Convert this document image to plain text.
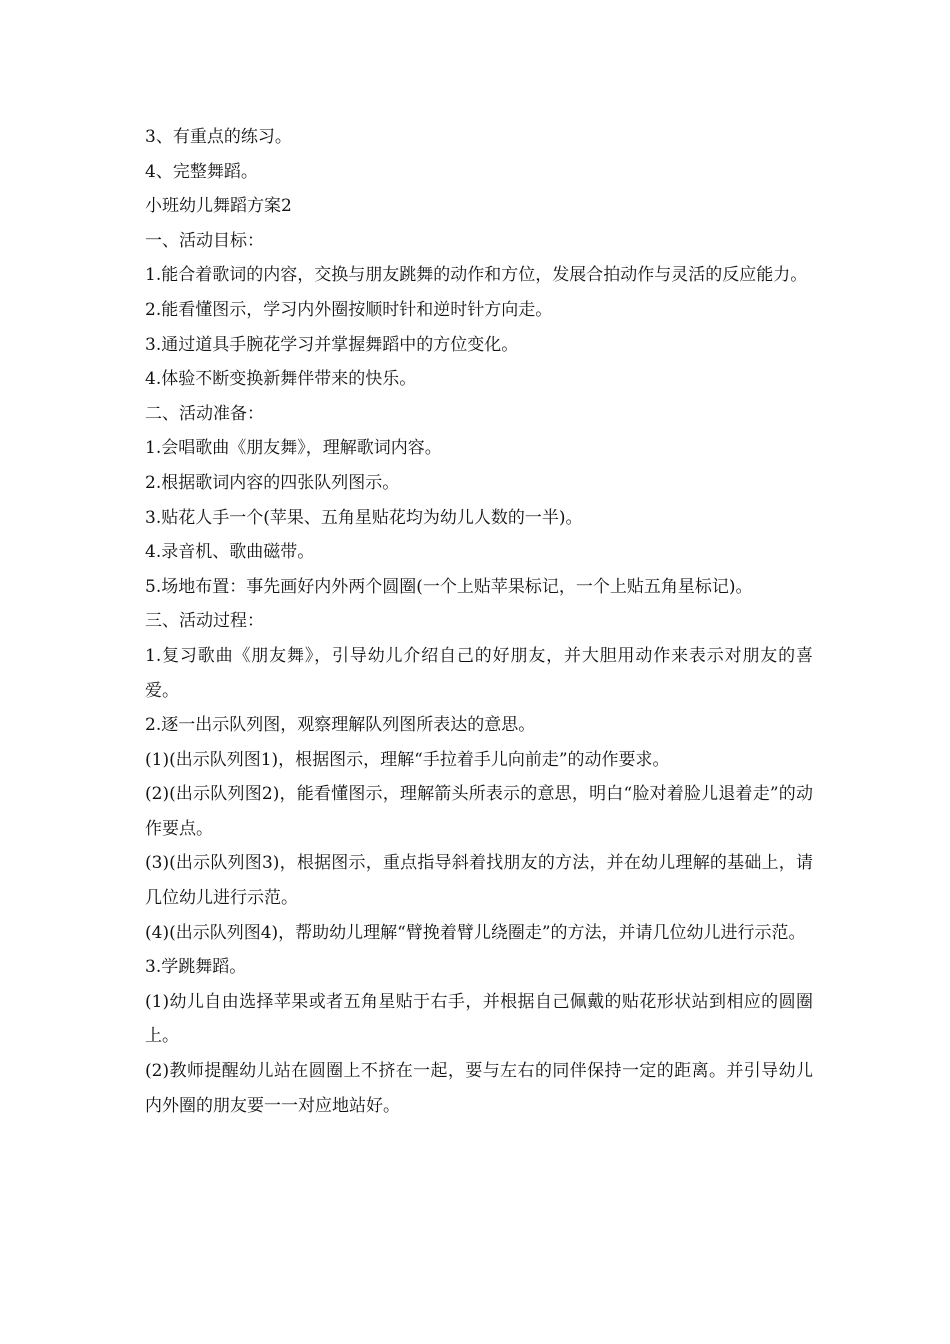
3、有重点的练习。

4、完整舞蹈。

小班幼儿舞蹈方案2

一、活动目标：

1.能合着歌词的内容，交换与朋友跳舞的动作和方位，发展合拍动作与灵活的反应能力。

2.能看懂图示，学习内外圈按顺时针和逆时针方向走。

3.通过道具手腕花学习并掌握舞蹈中的方位变化。

4.体验不断变换新舞伴带来的快乐。

二、活动准备：

1.会唱歌曲《朋友舞》，理解歌词内容。

2.根据歌词内容的四张队列图示。

3.贴花人手一个(苹果、五角星贴花均为幼儿人数的一半)。

4.录音机、歌曲磁带。

5.场地布置：事先画好内外两个圆圈(一个上贴苹果标记，一个上贴五角星标记)。

三、活动过程：

1.复习歌曲《朋友舞》，引导幼儿介绍自己的好朋友，并大胆用动作来表示对朋友的喜爱。

2.逐一出示队列图，观察理解队列图所表达的意思。

(1)(出示队列图1)，根据图示，理解“手拉着手儿向前走”的动作要求。

(2)(出示队列图2)，能看懂图示，理解箭头所表示的意思，明白“脸对着脸儿退着走”的动作要点。

(3)(出示队列图3)，根据图示，重点指导斜着找朋友的方法，并在幼儿理解的基础上，请几位幼儿进行示范。

(4)(出示队列图4)，帮助幼儿理解“臂挽着臂儿绕圈走”的方法，并请几位幼儿进行示范。

3.学跳舞蹈。

(1)幼儿自由选择苹果或者五角星贴于右手，并根据自己佩戴的贴花形状站到相应的圆圈上。

(2)教师提醒幼儿站在圆圈上不挤在一起，要与左右的同伴保持一定的距离。并引导幼儿内外圈的朋友要一一对应地站好。
